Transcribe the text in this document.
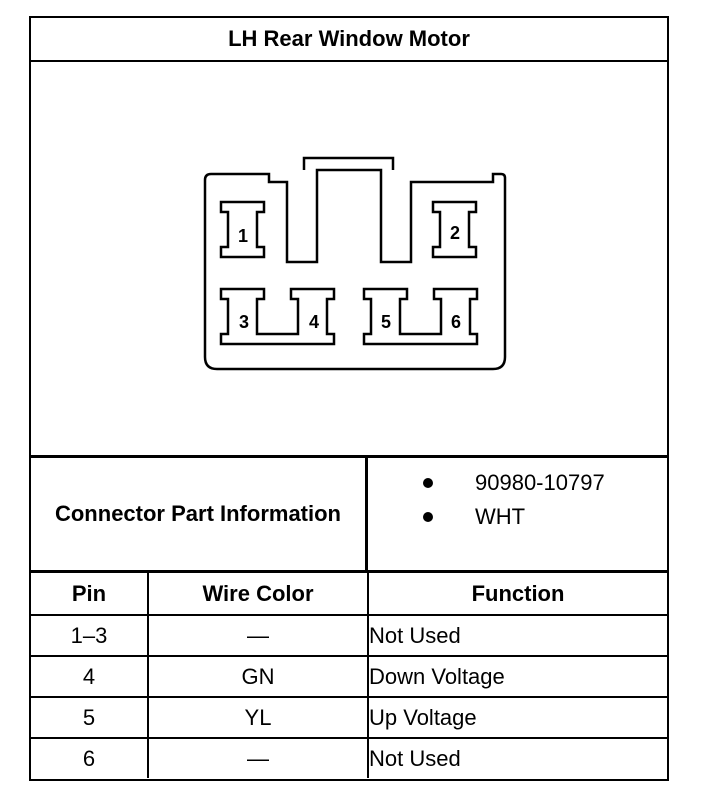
LH Rear Window Motor
1	2
3	4	5	6
Connector Part Information
90980-10797
WHT
Pin	Wire Color	Function
1–3	—	Not Used
4	GN	Down Voltage
5	YL	Up Voltage
6	—	Not Used
